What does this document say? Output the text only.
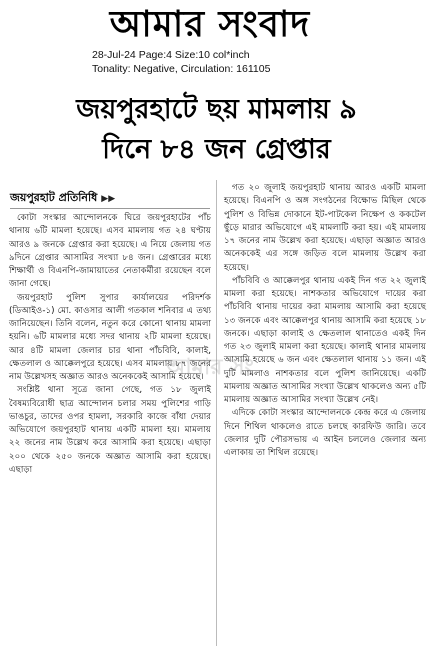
আমার সংবাদ
28-Jul-24 Page:4 Size:10 col*inch
Tonality: Negative, Circulation: 161105
জয়পুরহাটে ছয় মামলায় ৯
দিনে ৮৪ জন গ্রেপ্তার
জয়পুরহাট প্রতিনিধি ▶▶

কোটা সংস্কার আন্দোলনকে ঘিরে জয়পুরহাটের পাঁচ থানায় ৬টি মামলা হয়েছে। এসব মামলায় গত ২৪ ঘণ্টায় আরও ৯ জনকে গ্রেপ্তার করা হয়েছে। এ নিয়ে জেলায় গত ৯দিনে গ্রেপ্তার আসামির সংখ্যা ৮৪ জন। গ্রেপ্তারের মধ্যে শিক্ষার্থী ও বিএনপি-জামায়াতের নেতাকর্মীরা রয়েছেন বলে জানা গেছে।

জয়পুরহাট পুলিশ সুপার কার্যালয়ের পরিদর্শক (ডিআইও-১) মো. কাওসার আলী গতকাল শনিবার এ তথ্য জানিয়েছেন। তিনি বলেন, নতুন করে কোনো থানায় মামলা হয়নি। ৬টি মামলার মধ্যে সদর থানায় ২টি মামলা হয়েছে। আর ৪টি মামলা জেলার চার থানা পাঁচবিবি, কালাই, ক্ষেতলাল ও আক্কেলপুরে হয়েছে। এসব মামলায় ৮৭ জনের নাম উল্লেখসহ অজ্ঞাত আরও অনেককেই আসামি হয়েছে।

সংশ্লিষ্ট থানা সূত্রে জানা গেছে, গত ১৮ জুলাই বৈষম্যবিরোধী ছাত্র আন্দোলন চলার সময় পুলিশের গাড়ি ভাঙচুর, তাদের ওপর হামলা, সরকারি কাজে বাঁধা দেয়ার অভিযোগে জয়পুরহাট থানায় একটি মামলা হয়। মামলায় ২২ জনের নাম উল্লেখ করে আসামি করা হয়েছে। এছাড়া ২০০ থেকে ২৫০ জনকে অজ্ঞাত আসামি করা হয়েছে। এছাড়া

গত ২০ জুলাই জয়পুরহাট থানায় আরও একটি মামলা হয়েছে। বিএনপি ও অঙ্গ সংগঠনের বিক্ষোভ মিছিল থেকে পুলিশ ও বিভিন্ন দোকানে ইট-পাটকেল নিক্ষেপ ও ককটেল ছুঁড়ে মারার অভিযোগে এই মামলাটি করা হয়। এই মামলায় ১৭ জনের নাম উল্লেখ করা হয়েছে। এছাড়া অজ্ঞাত আরও অনেককেই এর সঙ্গে জড়িত বলে মামলায় উল্লেখ করা হয়েছে।

পাঁচবিবি ও আক্কেলপুর থানায় একই দিন গত ২২ জুলাই মামলা করা হয়েছে। নাশকতার অভিযোগে দায়ের করা পাঁচবিবি থানায় দায়ের করা মামলায় আসামি করা হয়েছে ১৩ জনকে এবং আক্কেলপুর থানায় আসামি করা হয়েছে ১৮ জনকে। এছাড়া কালাই ও ক্ষেতলাল থানাতেও একই দিন গত ২৩ জুলাই মামলা করা হয়েছে। কালাই থানার মামলায় আসামি হয়েছে ৬ জন এবং ক্ষেতলাল থানায় ১১ জন। এই দুটি মামলাও নাশকতার বলে পুলিশ জানিয়েছে। একটি মামলায় অজ্ঞাত আসামির সংখ্যা উল্লেখ থাকলেও অন্য ৫টি মামলায় অজ্ঞাত আসামির সংখ্যা উল্লেখ নেই।

এদিকে কোটা সংস্কার আন্দোলনকে কেন্দ্র করে এ জেলায় দিনে শিথিল থাকলেও রাতে চলছে কারফিউ জারি। তবে জেলার দুটি পৌরসভায় এ আইন চললেও জেলার অন্য এলাকায় তা শিথিল রয়েছে।

আমার সং
